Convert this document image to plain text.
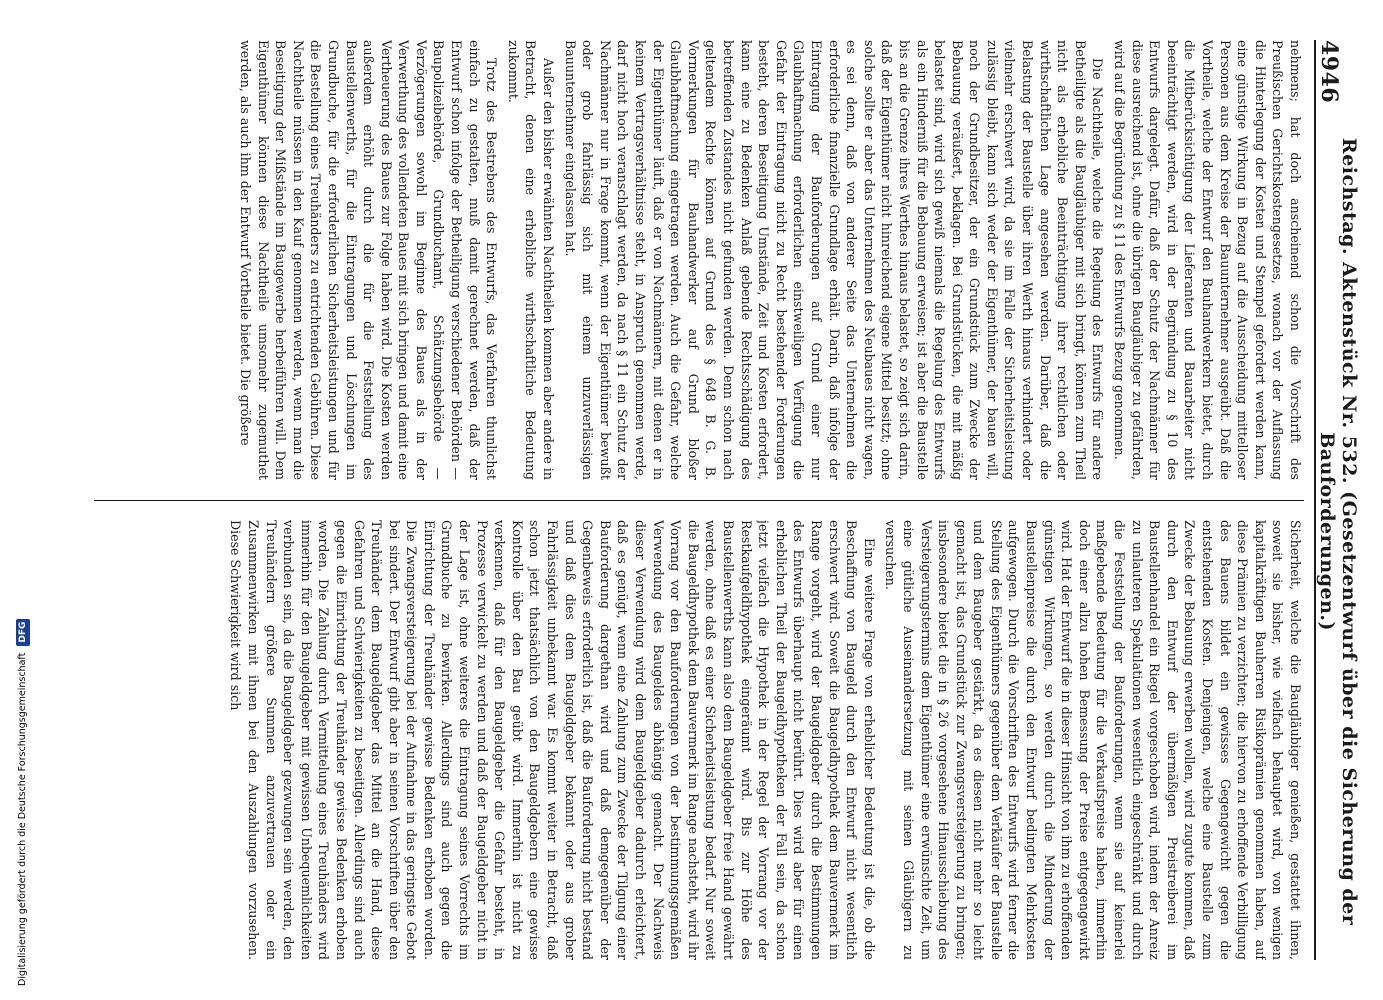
4946
Reichstag. Aktenstück Nr. 532. (Gesetzentwurf über die Sicherung der Bauforderungen.)

nehmens; hat doch anscheinend schon die Vorschrift des Preußischen Gerichtskostengesetzes, wonach vor der Auflassung die Hinterlegung der Kosten und Stempel gefordert werden kann, eine günstige Wirkung in Bezug auf die Ausscheidung mittelloser Personen aus dem Kreise der Bauunternehmer ausgeübt. Daß die Vortheile, welche der Entwurf den Bauhandwerkern bietet, durch die Mitberücksichtigung der Lieferanten und Bauarbeiter nicht beeinträchtigt werden, wird in der Begründung zu § 10 des Entwurfs dargelegt. Dafür, daß der Schutz der Nachmänner für diese ausreichend ist, ohne die übrigen Baugläubiger zu gefährden, wird auf die Begründung zu § 11 des Entwurfs Bezug genommen.

Die Nachtheile, welche die Regelung des Entwurfs für andere Betheiligte als die Baugläubiger mit sich bringt, können zum Theil nicht als erhebliche Beeinträchtigung ihrer rechtlichen oder wirthschaftlichen Lage angesehen werden. Darüber, daß die Belastung der Baustelle über ihren Werth hinaus verhindert oder vielmehr erschwert wird, da sie im Falle der Sicherheitsleistung zulässig bleibt, kann sich weder der Eigenthümer, der bauen will, noch der Grundbesitzer, der ein Grundstück zum Zwecke der Bebauung veräußert, beklagen. Bei Grundstücken, die mit mäßig belastet sind, wird sich gewiß niemals die Regelung des Entwurfs als ein Hinderniß für die Bebauung erweisen; ist aber die Baustelle bis an die Grenze ihres Werthes hinaus belastet, so zeigt sich darin, daß der Eigenthümer nicht hinreichend eigene Mittel besitzt; ohne solche sollte er aber das Unternehmen des Neubaues nicht wagen, es sei denn, daß von anderer Seite das Unternehmen die erforderliche finanzielle Grundlage erhält. Darin, daß infolge der Eintragung der Bauforderungen auf Grund einer nur Glaubhaftmachung erforderlichen einstweiligen Verfügung die Gefahr der Eintragung nicht zu Recht bestehender Forderungen besteht, deren Beseitigung Umstände, Zeit und Kosten erfordert, kann eine zu Bedenken Anlaß gebende Rechtsschädigung des betreffenden Zustandes nicht gefunden werden. Denn schon nach geltendem Rechte können auf Grund des § 648 B. G. B. Vormerkungen für Bauhandwerker auf Grund bloßer Glaubhaftmachung eingetragen werden. Auch die Gefahr, welche der Eigenthümer läuft, daß er von Nachmännern, mit denen er in keinem Vertragsverhältnisse steht, in Anspruch genommen werde, darf nicht hoch veranschlagt werden, da nach § 11 ein Schutz der Nachmänner nur in Frage kommt, wenn der Eigenthümer bewußt oder grob fahrlässig sich mit einem unzuverlässigen Bauunternehmer eingelassen hat.

Außer den bisher erwähnten Nachtheilen kommen aber andere in Betracht, denen eine erhebliche wirthschaftliche Bedeutung zukommt.

Trotz des Bestrebens des Entwurfs, das Verfahren thunlichst einfach zu gestalten, muß damit gerechnet werden, daß der Entwurf schon infolge der Betheiligung verschiedener Behörden — Baupolizeibehörde, Grundbuchamt, Schätzungsbehörde — Verzögerungen sowohl im Beginne des Baues als in der Verwerthung des vollendeten Baues mit sich bringen und damit eine Vertheuerung des Baues zur Folge haben wird. Die Kosten werden außerdem erhöht durch die für die Feststellung des Baustellenwerths, für die Eintragungen und Löschungen im Grundbuche, für die erforderlichen Sicherheitsleistungen und für die Bestellung eines Treuhänders zu entrichtenden Gebühren. Diese Nachtheile müssen in den Kauf genommen werden, wenn man die Beseitigung der Mißstände im Baugewerbe herbeiführen will. Dem Eigenthümer können diese Nachtheile umsomehr zugemuthet werden, als auch ihm der Entwurf Vortheile bietet. Die größere

Sicherheit, welche die Baugläubiger genießen, gestattet ihnen, soweit sie bisher, wie vielfach behauptet wird, von wenigen kapitalkräftigen Bauherren Risikoprämien genommen haben, auf diese Prämien zu verzichten; die hiervon zu erhoffende Verbilligung des Bauens bildet ein gewisses Gegengewicht gegen die entstehenden Kosten. Denjenigen, welche eine Baustelle zum Zwecke der Bebauung erwerben wollen, wird zugute kommen, daß durch den Entwurf der übermäßigen Preistreiberei im Baustellenhandel ein Riegel vorgeschoben wird, indem der Anreiz zu unlauteren Spekulationen wesentlich eingeschränkt und durch die Feststellung der Bauforderungen, wenn sie auf keinerlei maßgebende Bedeutung für die Verkaufspreise haben, immerhin doch einer allzu hohen Bemessung der Preise entgegengewirkt wird. Hat der Entwurf die in dieser Hinsicht von ihm zu erhoffenden günstigen Wirkungen, so werden durch die Minderung der Baustellenpreise die durch den Entwurf bedingten Mehrkosten aufgewogen. Durch die Vorschriften des Entwurfs wird ferner die Stellung des Eigenthümers gegenüber dem Verkäufer der Baustelle und dem Baugeber gestärkt, da es diesen nicht mehr so leicht gemacht ist, das Grundstück zur Zwangsversteigerung zu bringen; insbesondere bietet die in § 26 vorgesehene Hinausschiebung des Versteigerungstermins dem Eigenthümer eine erwünschte Zeit, um eine gütliche Auseinandersetzung mit seinen Gläubigern zu versuchen.

Eine weitere Frage von erheblicher Bedeutung ist die, ob die Beschaffung von Baugeld durch den Entwurf nicht wesentlich erschwert wird. Soweit die Baugeldhypothek dem Bauvermerk im Range vorgeht, wird der Baugeldgeber durch die Bestimmungen des Entwurfs überhaupt nicht berührt. Dies wird aber für einen erheblichen Theil der Baugeldhypotheken der Fall sein, da schon jetzt vielfach die Hypothek in der Regel der Vorrang vor der Restkaufgeldhypothek eingeräumt wird. Bis zur Höhe des Baustellenwerths kann also dem Baugeldgeber freie Hand gewährt werden, ohne daß es einer Sicherheitsleistung bedarf. Nur soweit die Baugeldhypothek dem Bauvermerk im Range nachsteht, wird ihr Vorrang vor den Bauforderungen von der bestimmungsgemäßen Verwendung des Baugeldes abhängig gemacht. Der Nachweis dieser Verwendung wird dem Baugeldgeber dadurch erleichtert, daß es genügt, wenn eine Zahlung zum Zwecke der Tilgung einer Bauforderung dargethan wird und daß demgegenüber der Gegenbeweis erforderlich ist, daß die Bauforderung nicht bestand und daß dies dem Baugeldgeber bekannt oder aus grober Fahrlässigkeit unbekannt war. Es kommt weiter in Betracht, daß schon jetzt thatsächlich von den Baugeldgebern eine gewisse Kontrolle über den Bau geübt wird. Immerhin ist nicht zu verkennen, daß für den Baugeldgeber die Gefahr besteht, in Prozesse verwickelt zu werden und daß der Baugeldgeber nicht in der Lage ist, ohne weiteres die Eintragung seines Vorrechts im Grundbuche zu bewirken. Allerdings sind auch gegen die Einrichtung der Treuhänder gewisse Bedenken erhoben worden. Die Zwangsversteigerung bei der Aufnahme in das geringste Gebot bei sindert. Der Entwurf gibt aber in seinen Vorschriften über den Treuhänder dem Baugeldgeber das Mittel an die Hand, diese Gefahren und Schwierigkeiten zu beseitigen. Allerdings sind auch gegen die Einrichtung der Treuhänder gewisse Bedenken erhoben worden. Die Zahlung durch Vermittelung eines Treuhänders wird immerhin für den Baugeldgeber mit gewissen Unbequemlichkeiten verbunden sein, da die Baugeldgeber gezwungen sein werden, den Treuhändern größere Summen anzuvertrauen oder ein Zusammenwirken mit ihnen bei den Auszahlungen vorzusehen. Diese Schwierigkeit wird sich

Digitalisierung gefördert durch die Deutsche Forschungsgemeinschaft DFG
